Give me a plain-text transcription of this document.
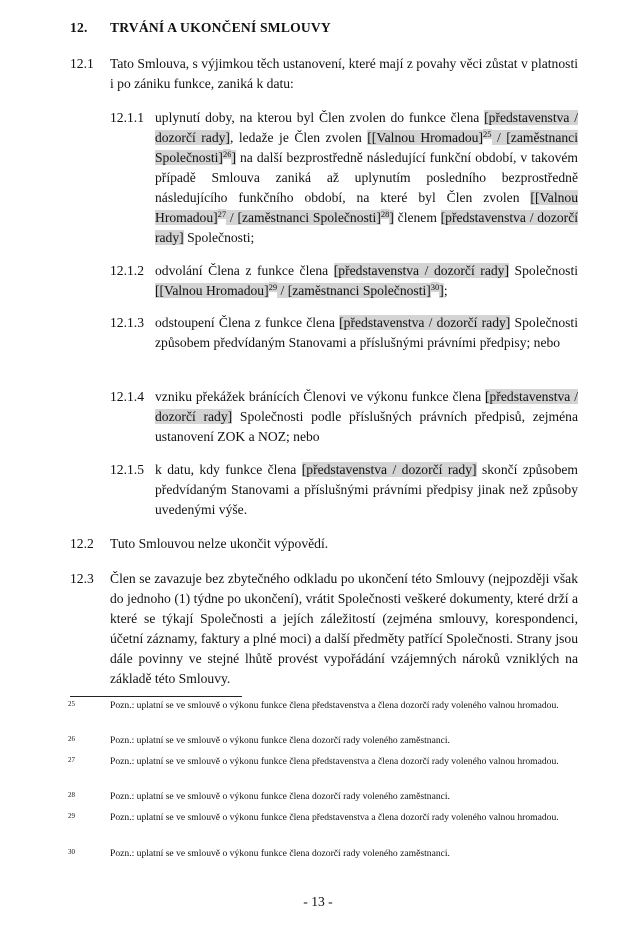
12. TRVÁNÍ A UKONČENÍ SMLOUVY
12.1 Tato Smlouva, s výjimkou těch ustanovení, které mají z povahy věci zůstat v platnosti i po zániku funkce, zaniká k datu:
12.1.1 uplynutí doby, na kterou byl Člen zvolen do funkce člena [představenstva / dozorčí rady], ledaže je Člen zvolen [[Valnou Hromadou]$^{25}$ / [zaměstnanci Společnosti]$^{26}$] na další bezprostředně následující funkční období, v takovém případě Smlouva zaniká až uplynutím posledního bezprostředně následujícího funkčního období, na které byl Člen zvolen [[Valnou Hromadou]$^{27}$ / [zaměstnanci Společnosti]$^{28}$] členem [představenstva / dozorčí rady] Společnosti;
12.1.2 odvolání Člena z funkce člena [představenstva / dozorčí rady] Společnosti [[Valnou Hromadou]$^{29}$ / [zaměstnanci Společnosti]$^{30}$];
12.1.3 odstoupení Člena z funkce člena [představenstva / dozorčí rady] Společnosti způsobem předvídaným Stanovami a příslušnými právními předpisy; nebo
12.1.4 vzniku překážek bránících Členovi ve výkonu funkce člena [představenstva / dozorčí rady] Společnosti podle příslušných právních předpisů, zejména ustanovení ZOK a NOZ; nebo
12.1.5 k datu, kdy funkce člena [představenstva / dozorčí rady] skončí způsobem předvídaným Stanovami a příslušnými právními předpisy jinak než způsoby uvedenými výše.
12.2 Tuto Smlouvou nelze ukončit výpovědí.
12.3 Člen se zavazuje bez zbytečného odkladu po ukončení této Smlouvy (nejpozději však do jednoho (1) týdne po ukončení), vrátit Společnosti veškeré dokumenty, které drží a které se týkají Společnosti a jejích záležitostí (zejména smlouvy, korespondenci, účetní záznamy, faktury a plné moci) a další předměty patřící Společnosti. Strany jsou dále povinny ve stejné lhůtě provést vypořádání vzájemných nároků vzniklých na základě této Smlouvy.
25	Pozn.: uplatní se ve smlouvě o výkonu funkce člena představenstva a člena dozorčí rady voleného valnou hromadou.
26	Pozn.: uplatní se ve smlouvě o výkonu funkce člena dozorčí rady voleného zaměstnanci.
27	Pozn.: uplatní se ve smlouvě o výkonu funkce člena představenstva a člena dozorčí rady voleného valnou hromadou.
28	Pozn.: uplatní se ve smlouvě o výkonu funkce člena dozorčí rady voleného zaměstnanci.
29	Pozn.: uplatní se ve smlouvě o výkonu funkce člena představenstva a člena dozorčí rady voleného valnou hromadou.
30	Pozn.: uplatní se ve smlouvě o výkonu funkce člena dozorčí rady voleného zaměstnanci.
- 13 -
